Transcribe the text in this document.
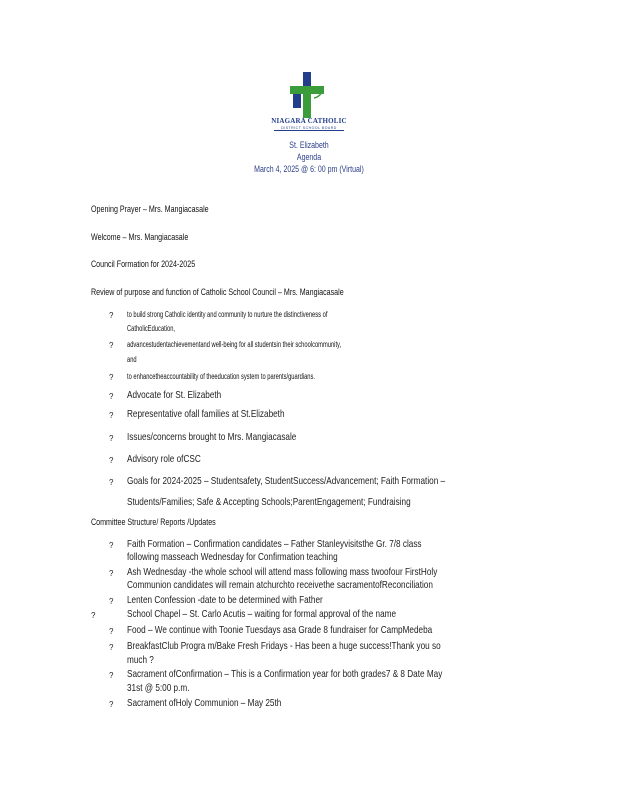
NIAGARA CATHOLIC
DISTRICT SCHOOL BOARD
St. Elizabeth
Agenda
March 4, 2025 @ 6: 00 pm (Virtual)
Opening Prayer – Mrs. Mangiacasale
Welcome – Mrs. Mangiacasale
Council Formation for 2024-2025
Review of purpose and function of Catholic School Council – Mrs. Mangiacasale
? to build strong Catholic identity and community to nurture the distinctiveness of
CatholicEducation,
? advancestudentachievementand well-being for all studentsin their schoolcommunity,
and
? to enhancetheaccountability of theeducation system to parents/guardians.
? Advocate for St. Elizabeth
? Representative ofall families at St.Elizabeth
? Issues/concerns brought to Mrs. Mangiacasale
? Advisory role ofCSC
? Goals for 2024-2025 – Studentsafety, StudentSuccess/Advancement; Faith Formation –
Students/Families; Safe & Accepting Schools;ParentEngagement; Fundraising
Committee Structure/ Reports /Updates
? Faith Formation – Confirmation candidates – Father Stanleyvisitsthe Gr. 7/8 class
following masseach Wednesday for Confirmation teaching
? Ash Wednesday -the whole school will attend mass following mass twoofour FirstHoly
Communion candidates will remain atchurchto receivethe sacramentofReconciliation
? Lenten Confession -date to be determined with Father
?	School Chapel – St. Carlo Acutis – waiting for formal approval of the name
? Food – We continue with Toonie Tuesdays asa Grade 8 fundraiser for CampMedeba
? BreakfastClub Progra m/Bake Fresh Fridays - Has been a huge success!Thank you so
much ?
? Sacrament ofConfirmation – This is a Confirmation year for both grades7 & 8 Date May
31st @ 5:00 p.m.
? Sacrament ofHoly Communion – May 25th
